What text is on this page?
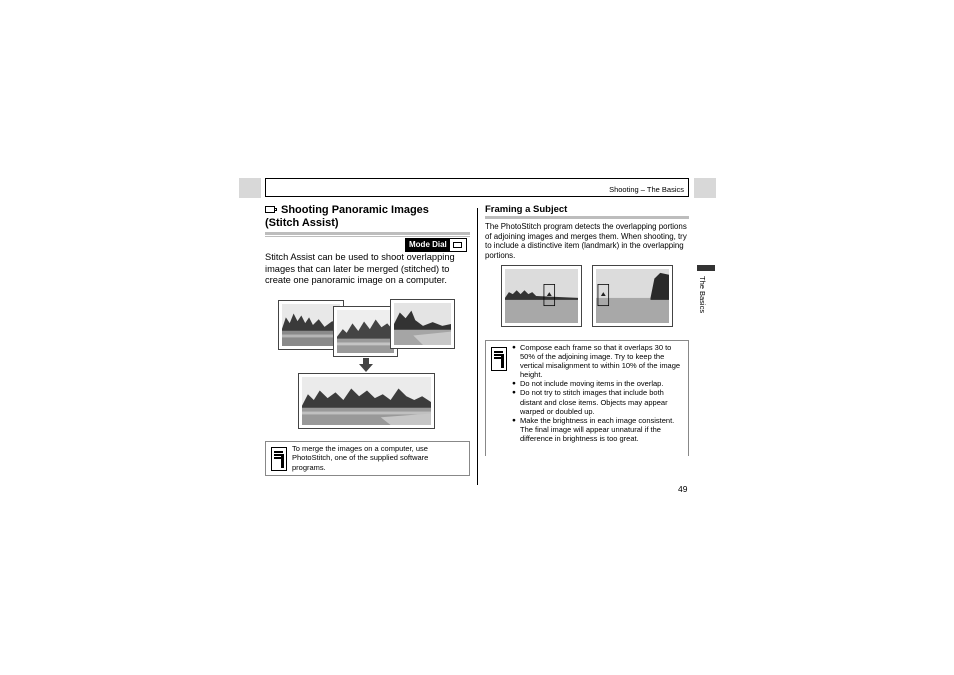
Shooting – The Basics
The Basics
Shooting Panoramic Images
(Stitch Assist)
Mode Dial
Stitch Assist can be used to shoot overlapping images that can later be merged (stitched) to create one panoramic image on a computer.
To merge the images on a computer, use PhotoStitch, one of the supplied software programs.
Framing a Subject
The PhotoStitch program detects the overlapping portions of adjoining images and merges them. When shooting, try to include a distinctive item (landmark) in the overlapping portions.
● Compose each frame so that it overlaps 30 to 50% of the adjoining image. Try to keep the vertical misalignment to within 10% of the image height.
● Do not include moving items in the overlap.
● Do not try to stitch images that include both distant and close items. Objects may appear warped or doubled up.
● Make the brightness in each image consistent. The final image will appear unnatural if the difference in brightness is too great.
49
